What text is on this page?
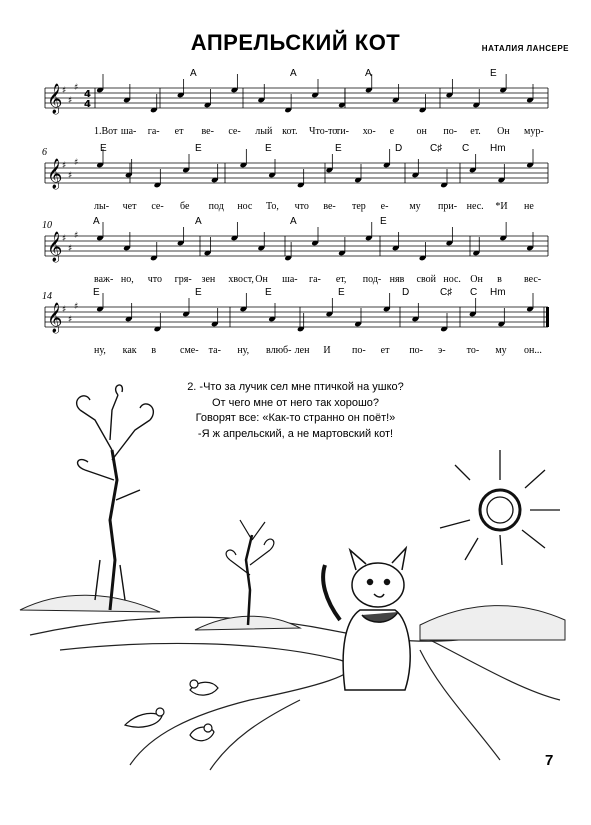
АПРЕЛЬСКИЙ КОТ	НАТАЛИЯ ЛАНСЕРЕ
𝄞 ♯
♯
♯
4
4
A	A	A	E
1.Вот ша- га- ет ве- се- лый кот. Что-то
ти- хо- е он по- ет. Он мур-
𝄞 ♯
♯
♯
6	E	E	E	E	D	C♯ C Hm
лы- чет се- бе под нос То, что ве- тер е- му при- нес. *И не
𝄞 ♯
♯
♯
10	A	A	A	E
важ- но, что гря- зен хвост, Он ша- га- ет, под- няв свой нос. Он в вес-
𝄞 ♯
♯
♯
14	E	E	E	E	D	C♯ C Hm
ну, как в сме- та- ну, влюб- лен И по- ет по- э- то- му он...
2. -Что за лучик сел мне птичкой на ушко?
От чего мне от него так хорошо?
Говорят все: «Как-то странно он поёт!»
-Я ж апрельский, а не мартовский кот!
7
